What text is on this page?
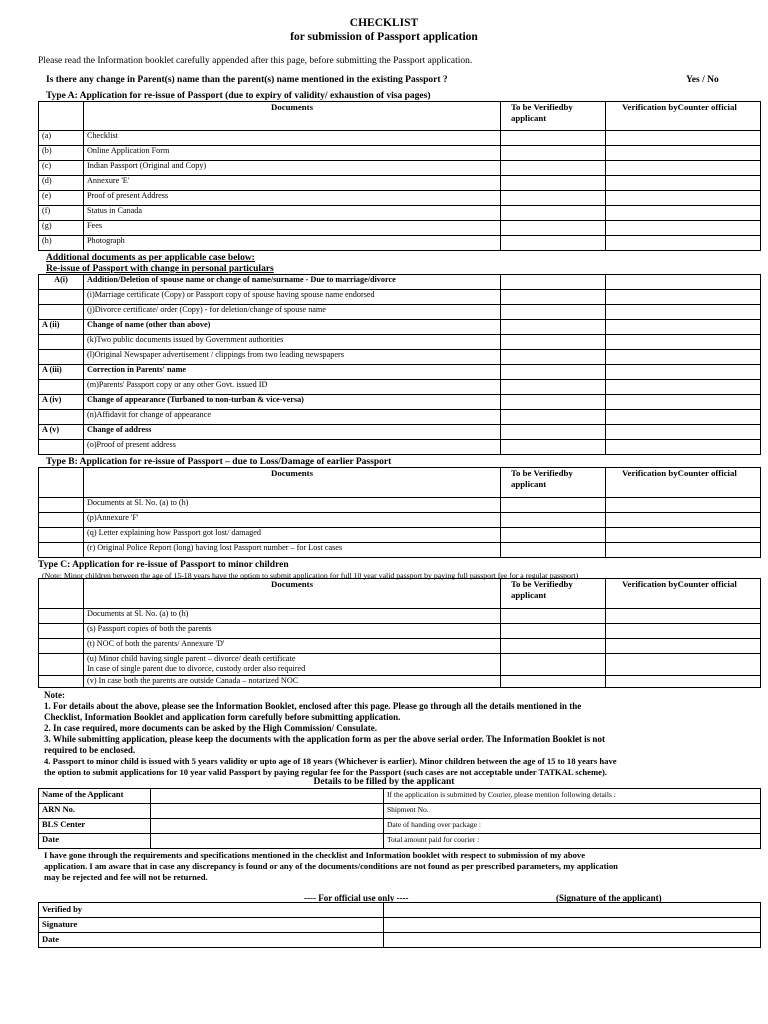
CHECKLIST
for submission of Passport application
Please read the Information booklet carefully appended after this page, before submitting the Passport application.
Is there any change in Parent(s) name than the parent(s) name mentioned in the existing Passport ?	Yes / No
Type A: Application for re-issue of Passport (due to expiry of validity/ exhaustion of visa pages)
	Documents	To be Verifiedby applicant	Verification byCounter official
(a)	Checklist		
(b)	Online Application Form		
(c)	Indian Passport (Original and Copy)		
(d)	Annexure 'E'		
(e)	Proof of present Address		
(f)	Status in Canada		
(g)	Fees		
(h)	Photograph		
Additional documents as per applicable case below:
Re-issue of Passport with change in personal particulars
A(i)	Addition/Deletion of spouse name or change of name/surname - Due to marriage/divorce		
	(i)Marriage certificate (Copy) or Passport copy of spouse having spouse name endorsed		
	(j)Divorce certificate/ order (Copy) - for deletion/change of spouse name		
A (ii)	Change of name (other than above)		
	(k)Two public documents issued by Government authorities		
	(l)Original Newspaper advertisement / clippings from two leading newspapers		
A (iii)	Correction in Parents' name		
	(m)Parents' Passport copy or any other Govt. issued ID		
A (iv)	Change of appearance (Turbaned to non-turban & vice-versa)		
	(n)Affidavit for change of appearance		
A (v)	Change of address		
	(o)Proof of present address		
Type B: Application for re-issue of Passport – due to Loss/Damage of earlier Passport
	Documents	To be Verifiedby applicant	Verification byCounter official
	Documents at Sl. No. (a) to (h)		
	(p)Annexure 'F'		
	(q) Letter explaining how Passport got lost/ damaged		
	(r) Original Police Report (long) having lost Passport number – for Lost cases		
Type C: Application for re-issue of Passport to minor children
(Note: Minor children between the age of 15-18 years have the option to submit application for full 10 year valid passport by paying full passport fee for a regular passport)
	Documents	To be Verifiedby applicant	Verification byCounter official
	Documents at Sl. No. (a) to (h)		
	(s) Passport copies of both the parents		
	(t) NOC of both the parents/ Annexure 'D'		

	(u) Minor child having single parent – divorce/ death certificate
In case of single parent due to divorce, custody order also required		

	(v) In case both the parents are outside Canada – notarized NOC		
Note:
1. For details about the above, please see the Information Booklet, enclosed after this page. Please go through all the details mentioned in the
Checklist, Information Booklet and application form carefully before submitting application.
2. In case required, more documents can be asked by the High Commission/ Consulate.
3. While submitting application, please keep the documents with the application form as per the above serial order. The Information Booklet is not
required to be enclosed.
4. Passport to minor child is issued with 5 years validity or upto age of 18 years (Whichever is earlier). Minor children between the age of 15 to 18 years have
the option to submit applications for 10 year valid Passport by paying regular fee for the Passport (such cases are not acceptable under TATKAL scheme).
Details to be filled by the applicant
Name of the Applicant		If the application is submitted by Courier, please mention following details :
ARN No.		Shipment No.
BLS Center		Date of handing over package :
Date		Total amount paid for courier :
I have gone through the requirements and specifications mentioned in the checklist and Information booklet with respect to submission of my above
application. I am aware that in case any discrepancy is found or any of the documents/conditions are not found as per prescribed parameters, my application
may be rejected and fee will not be returned.
---- For official use only ----	(Signature of the applicant)
Verified by	
Signature	
Date	
